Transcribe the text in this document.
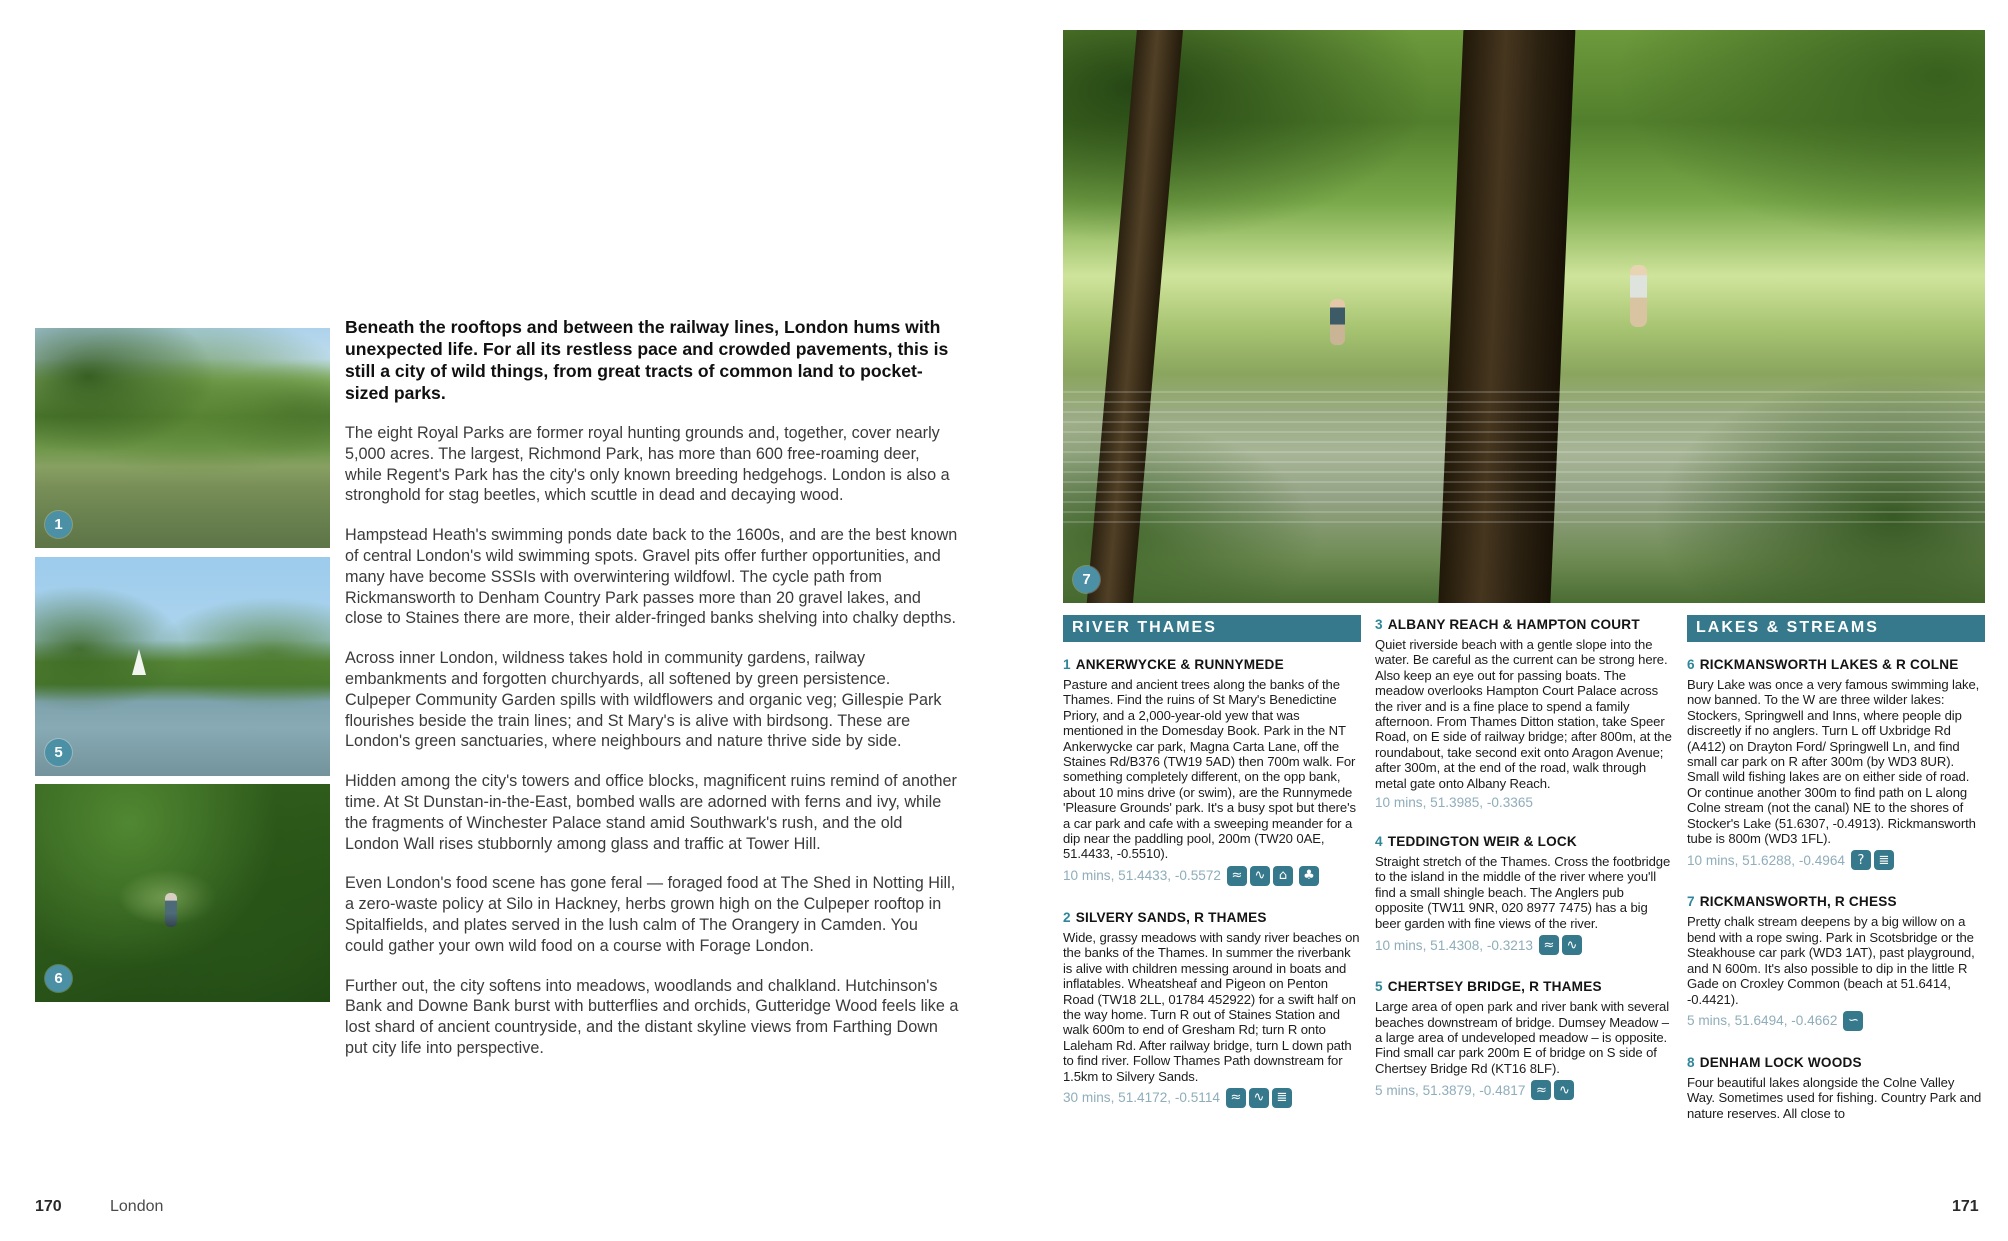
1
5
6

Beneath the rooftops and between the railway lines, London hums with unexpected life. For all its restless pace and crowded pavements, this is still a city of wild things, from great tracts of common land to pocket-sized parks.

The eight Royal Parks are former royal hunting grounds and, together, cover nearly 5,000 acres. The largest, Richmond Park, has more than 600 free-roaming deer, while Regent's Park has the city's only known breeding hedgehogs. London is also a stronghold for stag beetles, which scuttle in dead and decaying wood.

Hampstead Heath's swimming ponds date back to the 1600s, and are the best known of central London's wild swimming spots. Gravel pits offer further opportunities, and many have become SSSIs with overwintering wildfowl. The cycle path from Rickmansworth to Denham Country Park passes more than 20 gravel lakes, and close to Staines there are more, their alder-fringed banks shelving into chalky depths.

Across inner London, wildness takes hold in community gardens, railway embankments and forgotten churchyards, all softened by green persistence. Culpeper Community Garden spills with wildflowers and organic veg; Gillespie Park flourishes beside the train lines; and St Mary's is alive with birdsong. These are London's green sanctuaries, where neighbours and nature thrive side by side.

Hidden among the city's towers and office blocks, magnificent ruins remind of another time. At St Dunstan-in-the-East, bombed walls are adorned with ferns and ivy, while the fragments of Winchester Palace stand amid Southwark's rush, and the old London Wall rises stubbornly among glass and traffic at Tower Hill.

Even London's food scene has gone feral — foraged food at The Shed in Notting Hill, a zero-waste policy at Silo in Hackney, herbs grown high on the Culpeper rooftop in Spitalfields, and plates served in the lush calm of The Orangery in Camden. You could gather your own wild food on a course with Forage London.

Further out, the city softens into meadows, woodlands and chalkland. Hutchinson's Bank and Downe Bank burst with butterflies and orchids, Gutteridge Wood feels like a lost shard of ancient countryside, and the distant skyline views from Farthing Down put city life into perspective.

170	London
7
RIVER THAMES

1 ANKERWYCKE & RUNNYMEDE

Pasture and ancient trees along the banks of the Thames. Find the ruins of St Mary's Benedictine Priory, and a 2,000-year-old yew that was mentioned in the Domesday Book. Park in the NT Ankerwycke car park, Magna Carta Lane, off the Staines Rd/B376 (TW19 5AD) then 700m walk. For something completely different, on the opp bank, about 10 mins drive (or swim), are the Runnymede 'Pleasure Grounds' park. It's a busy spot but there's a car park and cafe with a sweeping meander for a dip near the paddling pool, 200m (TW20 0AE, 51.4433, -0.5510).
10 mins, 51.4433, -0.5572 ≈ ∿	⌂	♣

2 SILVERY SANDS, R THAMES

Wide, grassy meadows with sandy river beaches on the banks of the Thames. In summer the riverbank is alive with children messing around in boats and inflatables. Wheatsheaf and Pigeon on Penton Road (TW18 2LL, 01784 452922) for a swift half on the way home. Turn R out of Staines Station and walk 600m to end of Gresham Rd; turn R onto Laleham Rd. After railway bridge, turn L down path to find river. Follow Thames Path downstream for 1.5km to Silvery Sands.
30 mins, 51.4172, -0.5114 ≈ ∿ ≣

3 ALBANY REACH & HAMPTON COURT

Quiet riverside beach with a gentle slope into the water. Be careful as the current can be strong here. Also keep an eye out for passing boats. The meadow overlooks Hampton Court Palace across the river and is a fine place to spend a family afternoon. From Thames Ditton station, take Speer Road, on E side of railway bridge; after 800m, at the roundabout, take second exit onto Aragon Avenue; after 300m, at the end of the road, walk through metal gate onto Albany Reach.
10 mins, 51.3985, -0.3365

4 TEDDINGTON WEIR & LOCK

Straight stretch of the Thames. Cross the footbridge to the island in the middle of the river where you'll find a small shingle beach. The Anglers pub opposite (TW11 9NR, 020 8977 7475) has a big beer garden with fine views of the river.
10 mins, 51.4308, -0.3213 ≈ ∿

5 CHERTSEY BRIDGE, R THAMES

Large area of open park and river bank with several beaches downstream of bridge. Dumsey Meadow – a large area of undeveloped meadow – is opposite. Find small car park 200m E of bridge on S side of Chertsey Bridge Rd (KT16 8LF).
5 mins, 51.3879, -0.4817 ≈ ∿
LAKES & STREAMS

6 RICKMANSWORTH LAKES & R COLNE

Bury Lake was once a very famous swimming lake, now banned. To the W are three wilder lakes: Stockers, Springwell and Inns, where people dip discreetly if no anglers. Turn L off Uxbridge Rd (A412) on Drayton Ford/ Springwell Ln, and find small car park on R after 300m (by WD3 8UR). Small wild fishing lakes are on either side of road. Or continue another 300m to find path on L along Colne stream (not the canal) NE to the shores of Stocker's Lake (51.6307, -0.4913). Rickmansworth tube is 800m (WD3 1FL).
10 mins, 51.6288, -0.4964 ?	≣

7 RICKMANSWORTH, R CHESS

Pretty chalk stream deepens by a big willow on a bend with a rope swing. Park in Scotsbridge or the Steakhouse car park (WD3 1AT), past playground, and N 600m. It's also possible to dip in the little R Gade on Croxley Common (beach at 51.6414, -0.4421).
5 mins, 51.6494, -0.4662 ∽

8 DENHAM LOCK WOODS

Four beautiful lakes alongside the Colne Valley Way. Sometimes used for fishing. Country Park and nature reserves. All close to
171
